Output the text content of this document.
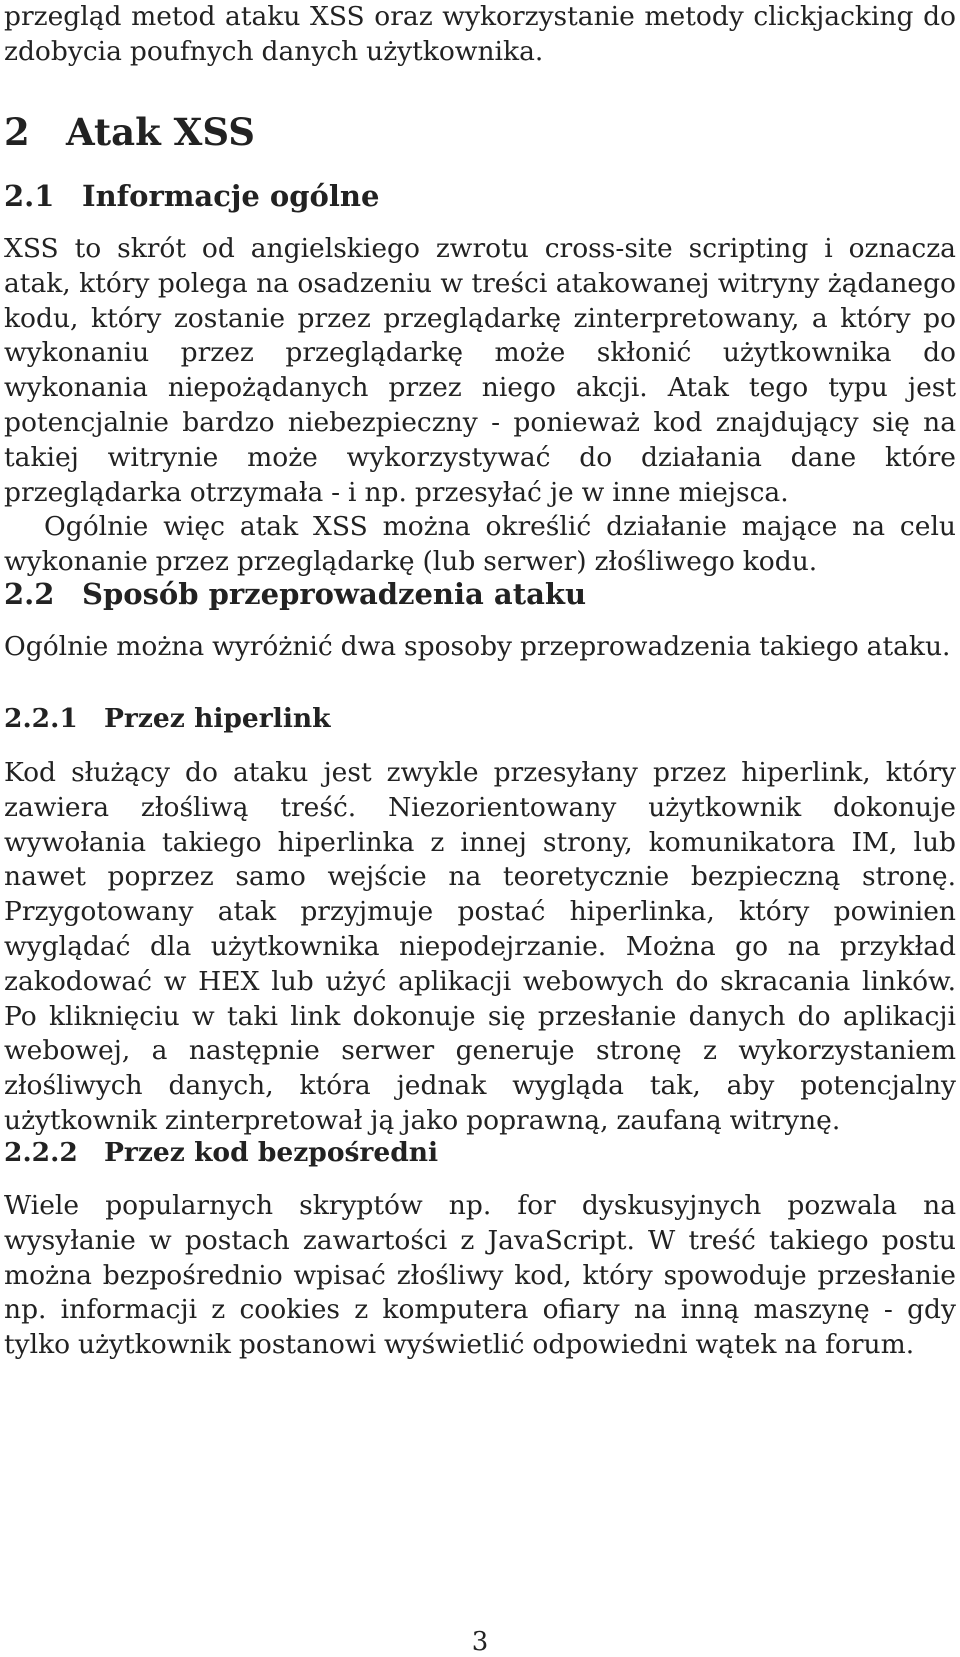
przegląd metod ataku XSS oraz wykorzystanie metody clickjacking do zdobycia poufnych danych użytkownika.

2 Atak XSS
2.1 Informacje ogólne

XSS to skrót od angielskiego zwrotu cross-site scripting i oznacza atak, który polega na osadzeniu w treści atakowanej witryny żądanego kodu, który zostanie przez przeglądarkę zinterpretowany, a który po wykonaniu przez przeglądarkę może skłonić użytkownika do wykonania niepożądanych przez niego akcji. Atak tego typu jest potencjalnie bardzo niebezpieczny - ponieważ kod znajdujący się na takiej witrynie może wykorzystywać do działania dane które przeglądarka otrzymała - i np. przesyłać je w inne miejsca.

Ogólnie więc atak XSS można określić działanie mające na celu wykonanie przez przeglądarkę (lub serwer) złośliwego kodu.

2.2 Sposób przeprowadzenia ataku

Ogólnie można wyróżnić dwa sposoby przeprowadzenia takiego ataku.

2.2.1 Przez hiperlink

Kod służący do ataku jest zwykle przesyłany przez hiperlink, który zawiera złośliwą treść. Niezorientowany użytkownik dokonuje wywołania takiego hiperlinka z innej strony, komunikatora IM, lub nawet poprzez samo wejście na teoretycznie bezpieczną stronę. Przygotowany atak przyjmuje postać hiperlinka, który powinien wyglądać dla użytkownika niepodejrzanie. Można go na przykład zakodować w HEX lub użyć aplikacji webowych do skracania linków. Po kliknięciu w taki link dokonuje się przesłanie danych do aplikacji webowej, a następnie serwer generuje stronę z wykorzystaniem złośliwych danych, która jednak wygląda tak, aby potencjalny użytkownik zinterpretował ją jako poprawną, zaufaną witrynę.

2.2.2 Przez kod bezpośredni

Wiele popularnych skryptów np. for dyskusyjnych pozwala na wysyłanie w postach zawartości z JavaScript. W treść takiego postu można bezpośrednio wpisać złośliwy kod, który spowoduje przesłanie np. informacji z cookies z komputera ofiary na inną maszynę - gdy tylko użytkownik postanowi wyświetlić odpowiedni wątek na forum.

3
